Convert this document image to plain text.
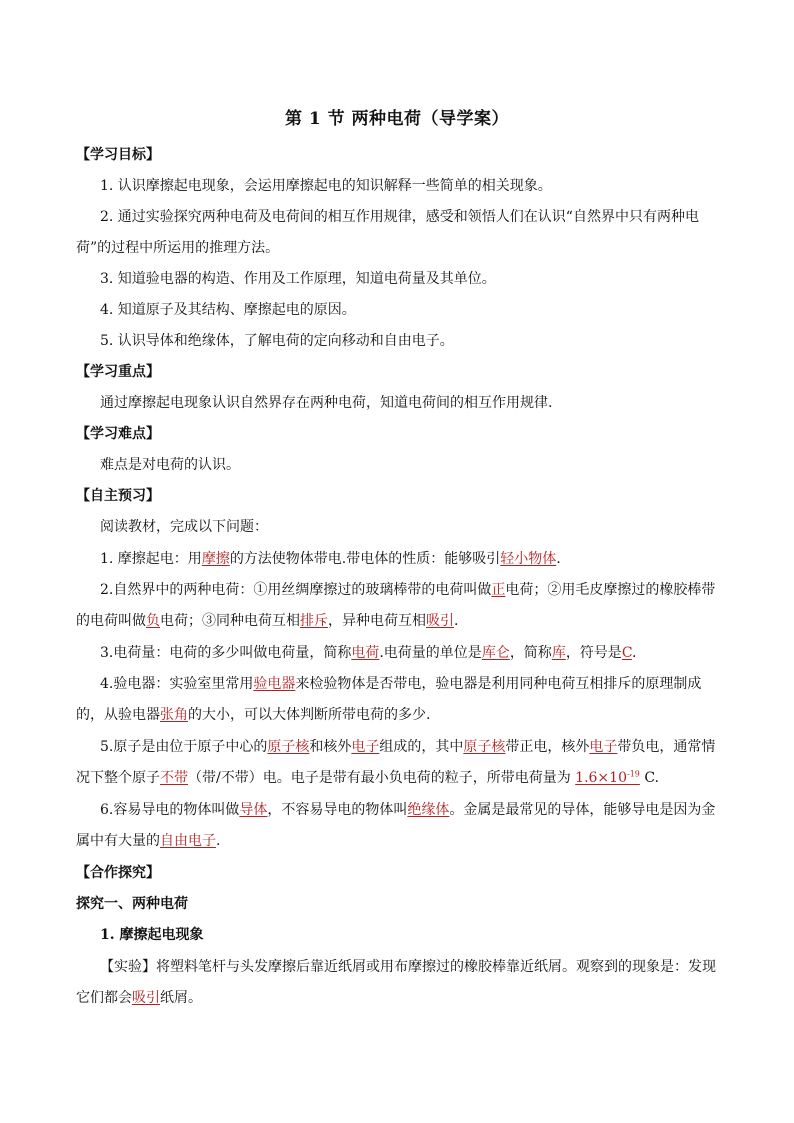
第 1 节 两种电荷（导学案）
【学习目标】
1. 认识摩擦起电现象，会运用摩擦起电的知识解释一些简单的相关现象。
2. 通过实验探究两种电荷及电荷间的相互作用规律，感受和领悟人们在认识“自然界中只有两种电
荷”的过程中所运用的推理方法。
3. 知道验电器的构造、作用及工作原理，知道电荷量及其单位。
4. 知道原子及其结构、摩擦起电的原因。
5. 认识导体和绝缘体，了解电荷的定向移动和自由电子。
【学习重点】
通过摩擦起电现象认识自然界存在两种电荷，知道电荷间的相互作用规律.
【学习难点】
难点是对电荷的认识。
【自主预习】
阅读教材，完成以下问题：
1. 摩擦起电：用摩擦的方法使物体带电.带电体的性质：能够吸引轻小物体.
2.自然界中的两种电荷：①用丝绸摩擦过的玻璃棒带的电荷叫做正电荷；②用毛皮摩擦过的橡胶棒带
的电荷叫做负电荷；③同种电荷互相排斥，异种电荷互相吸引.
3.电荷量：电荷的多少叫做电荷量，简称电荷.电荷量的单位是库仑，简称库，符号是C.
4.验电器：实验室里常用验电器来检验物体是否带电，验电器是利用同种电荷互相排斥的原理制成
的，从验电器张角的大小，可以大体判断所带电荷的多少.
5.原子是由位于原子中心的原子核和核外电子组成的，其中原子核带正电，核外电子带负电，通常情
况下整个原子不带（带/不带）电。电子是带有最小负电荷的粒子，所带电荷量为 $1.6\times 10^{-19}$ C.
6.容易导电的物体叫做导体，不容易导电的物体叫绝缘体。金属是最常见的导体，能够导电是因为金
属中有大量的自由电子.
【合作探究】
探究一、两种电荷
1. 摩擦起电现象
【实验】将塑料笔杆与头发摩擦后靠近纸屑或用布摩擦过的橡胶棒靠近纸屑。观察到的现象是：发现
它们都会吸引纸屑。
